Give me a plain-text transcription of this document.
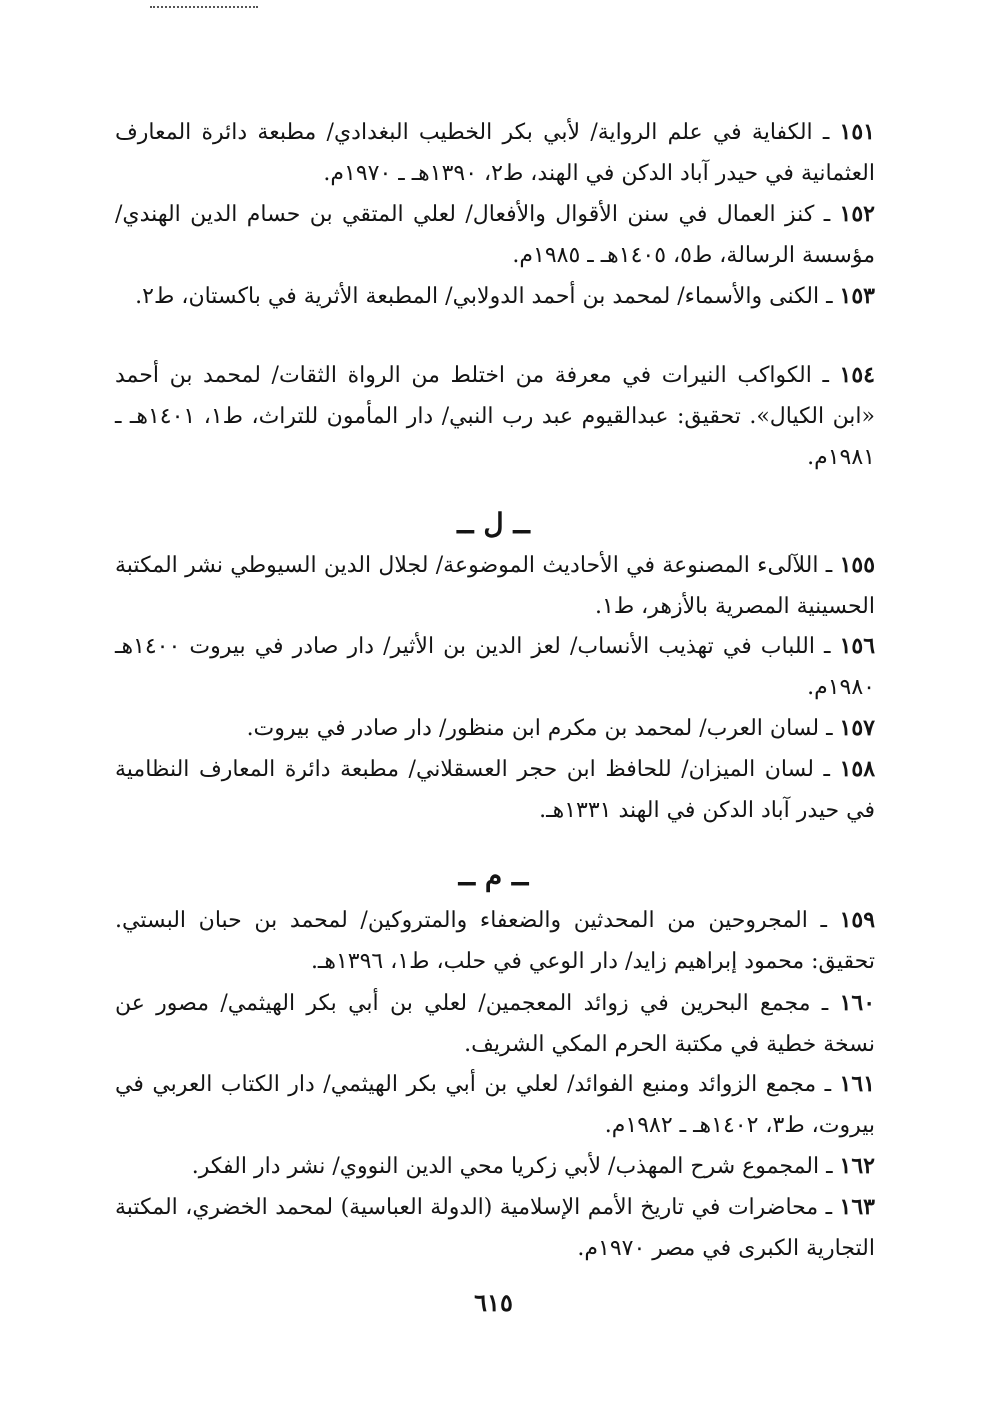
١٥١ ـ الكفاية في علم الرواية/ لأبي بكر الخطيب البغدادي/ مطبعة دائرة المعارف العثمانية في حيدر آباد الدكن في الهند، ط٢، ١٣٩٠هـ ـ ١٩٧٠م.
١٥٢ ـ كنز العمال في سنن الأقوال والأفعال/ لعلي المتقي بن حسام الدين الهندي/ مؤسسة الرسالة، ط٥، ١٤٠٥هـ ـ ١٩٨٥م.
١٥٣ ـ الكنى والأسماء/ لمحمد بن أحمد الدولابي/ المطبعة الأثرية في باكستان، ط٢.
١٥٤ ـ الكواكب النيرات في معرفة من اختلط من الرواة الثقات/ لمحمد بن أحمد «ابن الكيال». تحقيق: عبدالقيوم عبد رب النبي/ دار المأمون للتراث، ط١، ١٤٠١هـ ـ ١٩٨١م.
ــ ل ــ
١٥٥ ـ اللآلىء المصنوعة في الأحاديث الموضوعة/ لجلال الدين السيوطي نشر المكتبة الحسينية المصرية بالأزهر، ط١.
١٥٦ ـ اللباب في تهذيب الأنساب/ لعز الدين بن الأثير/ دار صادر في بيروت ١٤٠٠هـ ١٩٨٠م.
١٥٧ ـ لسان العرب/ لمحمد بن مكرم ابن منظور/ دار صادر في بيروت.
١٥٨ ـ لسان الميزان/ للحافظ ابن حجر العسقلاني/ مطبعة دائرة المعارف النظامية في حيدر آباد الدكن في الهند ١٣٣١هـ.
ــ م ــ
١٥٩ ـ المجروحين من المحدثين والضعفاء والمتروكين/ لمحمد بن حبان البستي. تحقيق: محمود إبراهيم زايد/ دار الوعي في حلب، ط١، ١٣٩٦هـ.
١٦٠ ـ مجمع البحرين في زوائد المعجمين/ لعلي بن أبي بكر الهيثمي/ مصور عن نسخة خطية في مكتبة الحرم المكي الشريف.
١٦١ ـ مجمع الزوائد ومنبع الفوائد/ لعلي بن أبي بكر الهيثمي/ دار الكتاب العربي في بيروت، ط٣، ١٤٠٢هـ ـ ١٩٨٢م.
١٦٢ ـ المجموع شرح المهذب/ لأبي زكريا محي الدين النووي/ نشر دار الفكر.
١٦٣ ـ محاضرات في تاريخ الأمم الإسلامية (الدولة العباسية) لمحمد الخضري، المكتبة التجارية الكبرى في مصر ١٩٧٠م.
٦١٥
